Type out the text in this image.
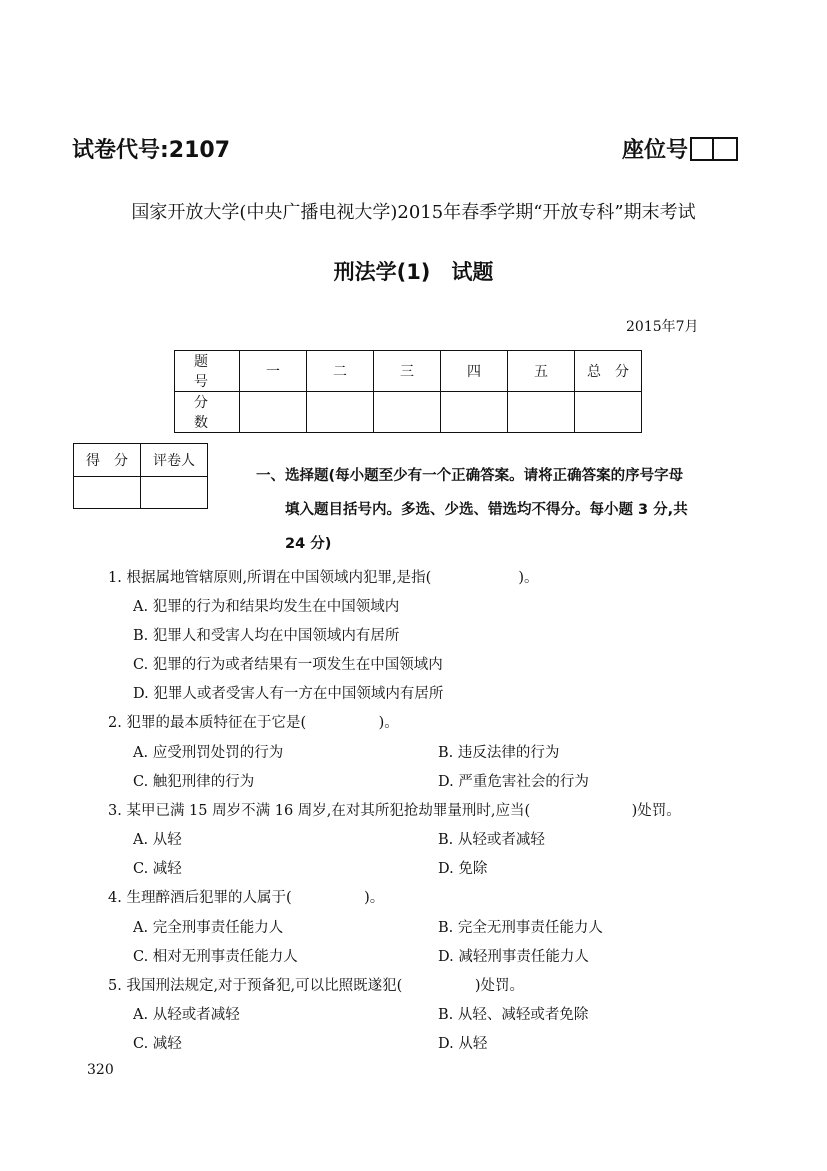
试卷代号:2107	座位号
国家开放大学(中央广播电视大学)2015年春季学期“开放专科”期末考试
刑法学(1)　试题
2015年7月
题　号	一	二	三	四	五	总　分
分　数						
得　分	评卷人

一、选择题(每小题至少有一个正确答案。请将正确答案的序号字母
填入题目括号内。多选、少选、错选均不得分。每小题 3 分,共
24 分)
1. 根据属地管辖原则,所谓在中国领域内犯罪,是指(　　　　　　)。
A. 犯罪的行为和结果均发生在中国领域内
B. 犯罪人和受害人均在中国领域内有居所
C. 犯罪的行为或者结果有一项发生在中国领域内
D. 犯罪人或者受害人有一方在中国领域内有居所
2. 犯罪的最本质特征在于它是(　　　　　)。
A. 应受刑罚处罚的行为	B. 违反法律的行为
C. 触犯刑律的行为	D. 严重危害社会的行为
3. 某甲已满 15 周岁不满 16 周岁,在对其所犯抢劫罪量刑时,应当(　　　　　　　)处罚。
A. 从轻	B. 从轻或者减轻
C. 减轻	D. 免除
4. 生理醉酒后犯罪的人属于(　　　　　)。
A. 完全刑事责任能力人	B. 完全无刑事责任能力人
C. 相对无刑事责任能力人	D. 减轻刑事责任能力人
5. 我国刑法规定,对于预备犯,可以比照既遂犯(　　　　　)处罚。
A. 从轻或者减轻	B. 从轻、减轻或者免除
C. 减轻	D. 从轻
320
